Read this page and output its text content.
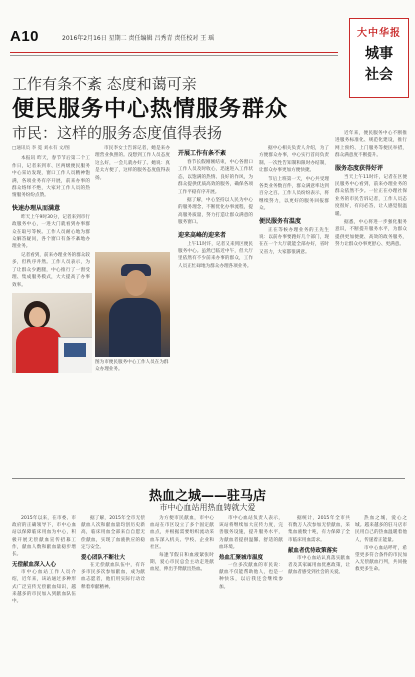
A10	2016年2月16日 星期二 责任编辑 吕秀青 责任校对 王 瑶	大中华报
城事
社会
工作有条不紊 态度和蔼可亲
便民服务中心热情服务群众
市民：这样的服务态度值得表扬

□通讯员 李 冕 刘永有 文/图

本报讯 昨天，春节节后第二个工作日，记者来到市、区两级便民服务中心采访发现，窗口工作人员精神饱满，各项业务有序开展，前来办事的群众络绎不绝，大家对工作人员的热情服务纷纷点赞。

快速办理从而满意

昨天上午9时30分，记者来到市行政服务中心，一进大门就看到办事群众在取号等候。工作人员耐心地为群众解答疑问，各个窗口有条不紊地办理业务。

记者看到，前来办理业务的群众较多，但秩序井然。工作人员表示，为了让群众少跑腿，中心推行了一窗受理、集成服务模式，大大提高了办事效率。

市民李女士告诉记者，她是来办理营业执照的。没想到工作人员态度这么好，一会儿就办好了。她说：真是太方便了，这样的服务态度值得表扬。

图为市便民服务中心工作人员在为群众办理业务。

开展工作有条不紊

春节长假刚刚结束，中心各窗口工作人员及时收心，迅速进入工作状态，以饱满的热情、良好的作风，为群众提供优质高效的服务，确保各项工作平稳有序开展。

据了解，中心坚持以人民为中心的服务理念，不断优化办事流程，提高服务质量，努力打造让群众满意的服务窗口。

迎来高峰的迎来者

上午11时许，记者又来到区便民服务中心。虽然已临近中午，但大厅里依然有不少前来办事的群众，工作人员正忙碌地为群众办理各项业务。

据中心相关负责人介绍，为了方便群众办事，中心实行首问负责制、一次性告知制和限时办结制，让群众办事更加方便快捷。

节后上班第一天，中心共受理各类业务数百件，群众满意率达到百分之百。工作人员纷纷表示，将继续努力，以更好的服务回报群众。

便民服务有温度

正在等候办理业务的王先生说：以前办事要跑好几个部门，现在在一个大厅就能全部办好，省时又省力，大家都很满意。

近年来，便民服务中心不断推进服务标准化、规范化建设，推行网上预约、上门服务等便民举措，群众满意度不断提升。

服务态度获得好评

当天上午11时许，记者在区便民服务中心看到，前来办理业务的群众依然不少。一位正在办理社保业务的市民告诉记者，工作人员态度很好，有问必答，让人感觉很温暖。

据悉，中心将进一步强化服务意识，不断提升服务水平，为群众提供更加便捷、高效的政务服务，努力让群众办事更舒心、更满意。

热血之城——驻马店
市中心血站用热血铸就大爱

2015年以来，在市委、市政府的正确领导下，市中心血站以保障临床用血为中心，积极开展无偿献血宣传招募工作，献血人数和献血量稳步增长。

无偿献血深入人心

市中心血站工作人员介绍，近年来，该站通过多种形式广泛宣传无偿献血知识，越来越多的市民加入到献血队伍中。

据了解，2015年全市无偿献血人次和献血量均创历史新高，临床用血全部来自自愿无偿献血，实现了血液供应的稳定与安全。

爱心团队不断壮大

在无偿献血队伍中，有许多市民多次参加献血，成为献血志愿者，他们用实际行动诠释着奉献精神。

为方便市民献血，市中心血站在市区设立了多个固定献血点，并根据需要组织流动采血车深入机关、学校、企业和社区。

每逢节假日和血液紧张时期，爱心市民总会主动走进献血屋，伸出手臂献出热血。

市中心血站负责人表示，该站将继续加大宣传力度，完善服务设施，提升服务水平，为献血者提供温馨、舒适的献血环境。

热血汇聚城市温度

一位多次献血的市民说：献血不仅能帮助他人，也是一种快乐，以后我还会继续参加。

据统计，2015年全市共有数万人次参加无偿献血，采集血液数十吨，有力保障了全市临床用血需求。

献血者优待政策落实

市中心血站认真落实献血者及其家属用血优惠政策，让献血者感受到社会的关爱。

热血之城，爱心之城。越来越多的驻马店市民用自己的热血温暖着他人，传递着正能量。

市中心血站呼吁，希望更多符合条件的市民加入无偿献血行列，共同挽救更多生命。
